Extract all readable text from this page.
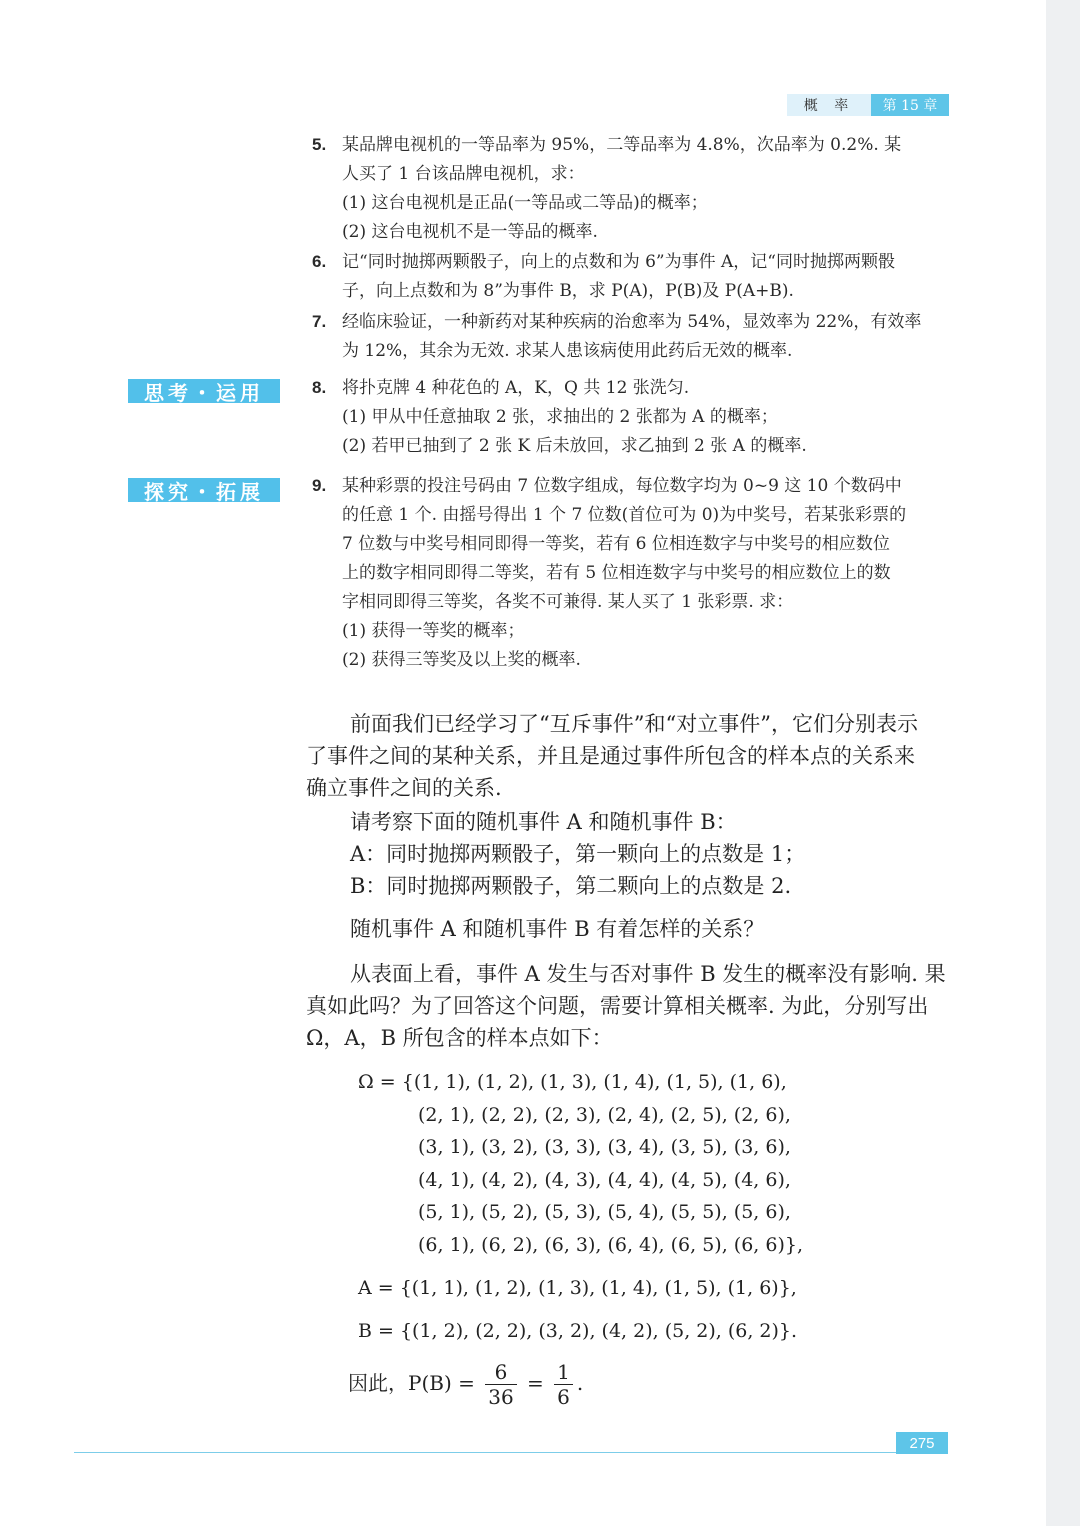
概 率	第 15 章
5. 某品牌电视机的一等品率为 95%，二等品率为 4.8%，次品率为 0.2%. 某
人买了 1 台该品牌电视机，求：
(1) 这台电视机是正品(一等品或二等品)的概率；
(2) 这台电视机不是一等品的概率.
6. 记“同时抛掷两颗骰子，向上的点数和为 6”为事件 A，记“同时抛掷两颗骰
子，向上点数和为 8”为事件 B，求 P(A)，P(B)及 P(A+B).
7. 经临床验证，一种新药对某种疾病的治愈率为 54%，显效率为 22%，有效率
为 12%，其余为无效. 求某人患该病使用此药后无效的概率.
思考・运用	8. 将扑克牌 4 种花色的 A，K，Q 共 12 张洗匀.
(1) 甲从中任意抽取 2 张，求抽出的 2 张都为 A 的概率；
(2) 若甲已抽到了 2 张 K 后未放回，求乙抽到 2 张 A 的概率.
探究・拓展	9. 某种彩票的投注号码由 7 位数字组成，每位数字均为 0~9 这 10 个数码中
的任意 1 个. 由摇号得出 1 个 7 位数(首位可为 0)为中奖号，若某张彩票的
7 位数与中奖号相同即得一等奖，若有 6 位相连数字与中奖号的相应数位
上的数字相同即得二等奖，若有 5 位相连数字与中奖号的相应数位上的数
字相同即得三等奖，各奖不可兼得. 某人买了 1 张彩票. 求：
(1) 获得一等奖的概率；
(2) 获得三等奖及以上奖的概率.
前面我们已经学习了“互斥事件”和“对立事件”，它们分别表示
了事件之间的某种关系，并且是通过事件所包含的样本点的关系来
确立事件之间的关系.
请考察下面的随机事件 A 和随机事件 B：
A：同时抛掷两颗骰子，第一颗向上的点数是 1；
B：同时抛掷两颗骰子，第二颗向上的点数是 2.
随机事件 A 和随机事件 B 有着怎样的关系？
从表面上看，事件 A 发生与否对事件 B 发生的概率没有影响. 果
真如此吗？为了回答这个问题，需要计算相关概率. 为此，分别写出
Ω，A，B 所包含的样本点如下：
Ω = {(1, 1), (1, 2), (1, 3), (1, 4), (1, 5), (1, 6),
(2, 1), (2, 2), (2, 3), (2, 4), (2, 5), (2, 6),
(3, 1), (3, 2), (3, 3), (3, 4), (3, 5), (3, 6),
(4, 1), (4, 2), (4, 3), (4, 4), (4, 5), (4, 6),
(5, 1), (5, 2), (5, 3), (5, 4), (5, 5), (5, 6),
(6, 1), (6, 2), (6, 3), (6, 4), (6, 5), (6, 6)},
A = {(1, 1), (1, 2), (1, 3), (1, 4), (1, 5), (1, 6)},
B = {(1, 2), (2, 2), (3, 2), (4, 2), (5, 2), (6, 2)}.
因此，$P(B) = \frac{6}{36} = \frac{1}{6}$ .
275
